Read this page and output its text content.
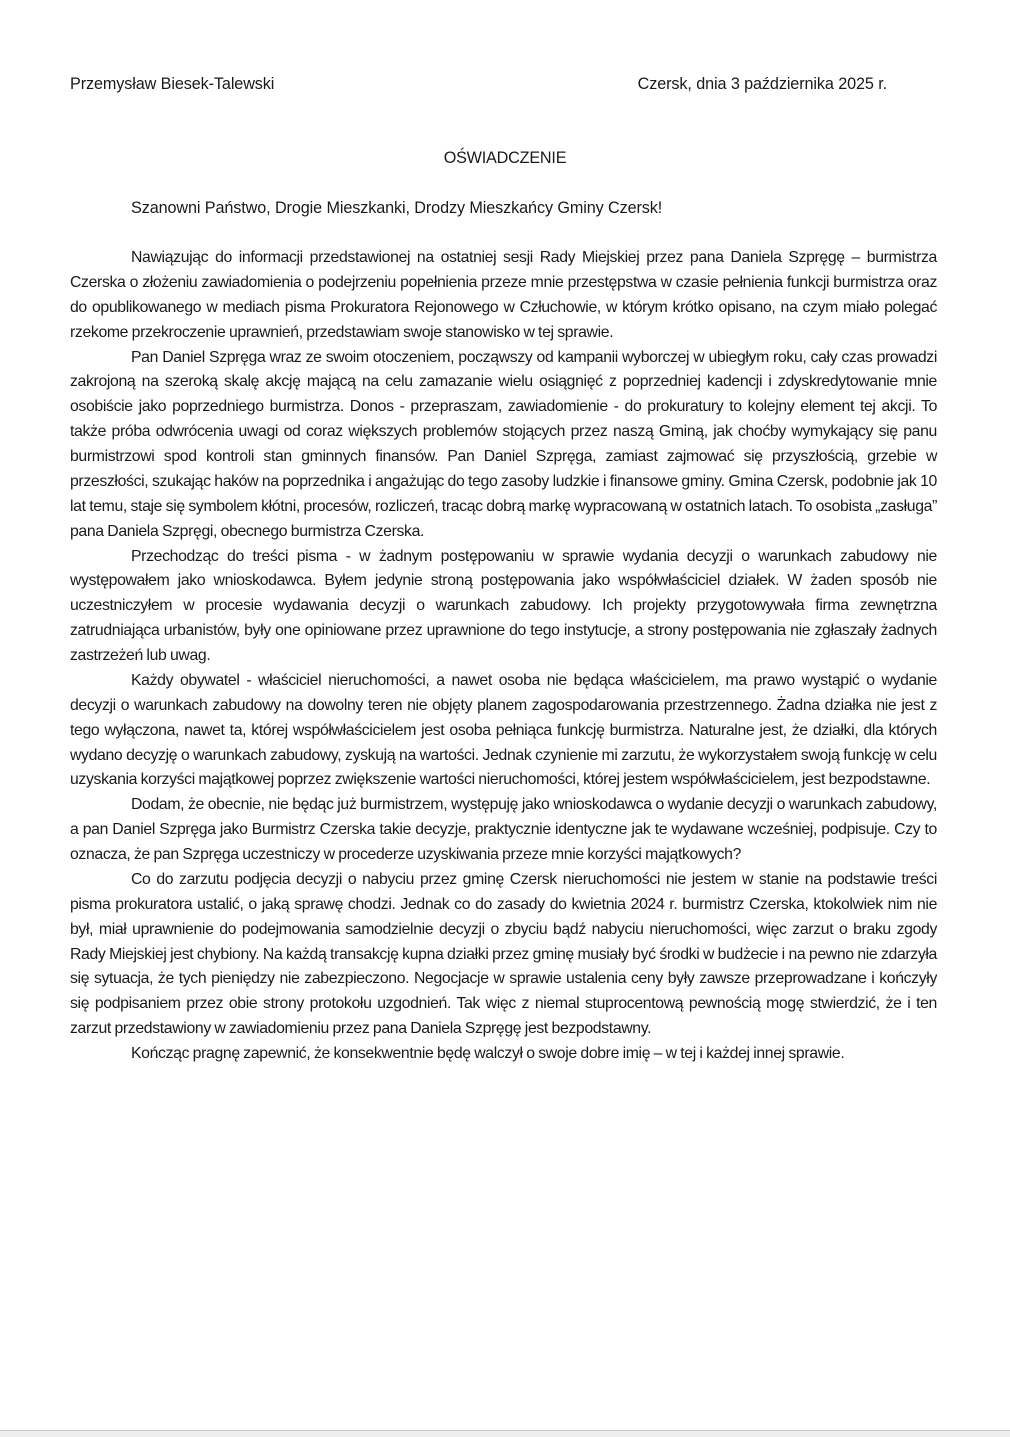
Przemysław Biesek-Talewski	Czersk, dnia 3 października 2025 r.
OŚWIADCZENIE
Szanowni Państwo, Drogie Mieszkanki, Drodzy Mieszkańcy Gminy Czersk!

Nawiązując do informacji przedstawionej na ostatniej sesji Rady Miejskiej przez pana Daniela Szpręgę – burmistrza Czerska o złożeniu zawiadomienia o podejrzeniu popełnienia przeze mnie przestępstwa w czasie pełnienia funkcji burmistrza oraz do opublikowanego w mediach pisma Prokuratora Rejonowego w Człuchowie, w którym krótko opisano, na czym miało polegać rzekome przekroczenie uprawnień, przedstawiam swoje stanowisko w tej sprawie.

Pan Daniel Szpręga wraz ze swoim otoczeniem, począwszy od kampanii wyborczej w ubiegłym roku, cały czas prowadzi zakrojoną na szeroką skalę akcję mającą na celu zamazanie wielu osiągnięć z poprzedniej kadencji i zdyskredytowanie mnie osobiście jako poprzedniego burmistrza. Donos - przepraszam, zawiadomienie - do prokuratury to kolejny element tej akcji. To także próba odwrócenia uwagi od coraz większych problemów stojących przez naszą Gminą, jak choćby wymykający się panu burmistrzowi spod kontroli stan gminnych finansów. Pan Daniel Szpręga, zamiast zajmować się przyszłością, grzebie w przeszłości, szukając haków na poprzednika i angażując do tego zasoby ludzkie i finansowe gminy. Gmina Czersk, podobnie jak 10 lat temu, staje się symbolem kłótni, procesów, rozliczeń, tracąc dobrą markę wypracowaną w ostatnich latach. To osobista „zasługa” pana Daniela Szpręgi, obecnego burmistrza Czerska.

Przechodząc do treści pisma - w żadnym postępowaniu w sprawie wydania decyzji o warunkach zabudowy nie występowałem jako wnioskodawca. Byłem jedynie stroną postępowania jako współwłaściciel działek. W żaden sposób nie uczestniczyłem w procesie wydawania decyzji o warunkach zabudowy. Ich projekty przygotowywała firma zewnętrzna zatrudniająca urbanistów, były one opiniowane przez uprawnione do tego instytucje, a strony postępowania nie zgłaszały żadnych zastrzeżeń lub uwag.

Każdy obywatel - właściciel nieruchomości, a nawet osoba nie będąca właścicielem, ma prawo wystąpić o wydanie decyzji o warunkach zabudowy na dowolny teren nie objęty planem zagospodarowania przestrzennego. Żadna działka nie jest z tego wyłączona, nawet ta, której współwłaścicielem jest osoba pełniąca funkcję burmistrza. Naturalne jest, że działki, dla których wydano decyzję o warunkach zabudowy, zyskują na wartości. Jednak czynienie mi zarzutu, że wykorzystałem swoją funkcję w celu uzyskania korzyści majątkowej poprzez zwiększenie wartości nieruchomości, której jestem współwłaścicielem, jest bezpodstawne.

Dodam, że obecnie, nie będąc już burmistrzem, występuję jako wnioskodawca o wydanie decyzji o warunkach zabudowy, a pan Daniel Szpręga jako Burmistrz Czerska takie decyzje, praktycznie identyczne jak te wydawane wcześniej, podpisuje. Czy to oznacza, że pan Szpręga uczestniczy w procederze uzyskiwania przeze mnie korzyści majątkowych?

Co do zarzutu podjęcia decyzji o nabyciu przez gminę Czersk nieruchomości nie jestem w stanie na podstawie treści pisma prokuratora ustalić, o jaką sprawę chodzi. Jednak co do zasady do kwietnia 2024 r. burmistrz Czerska, ktokolwiek nim nie był, miał uprawnienie do podejmowania samodzielnie decyzji o zbyciu bądź nabyciu nieruchomości, więc zarzut o braku zgody Rady Miejskiej jest chybiony. Na każdą transakcję kupna działki przez gminę musiały być środki w budżecie i na pewno nie zdarzyła się sytuacja, że tych pieniędzy nie zabezpieczono. Negocjacje w sprawie ustalenia ceny były zawsze przeprowadzane i kończyły się podpisaniem przez obie strony protokołu uzgodnień. Tak więc z niemal stuprocentową pewnością mogę stwierdzić, że i ten zarzut przedstawiony w zawiadomieniu przez pana Daniela Szpręgę jest bezpodstawny.

Kończąc pragnę zapewnić, że konsekwentnie będę walczył o swoje dobre imię – w tej i każdej innej sprawie.
